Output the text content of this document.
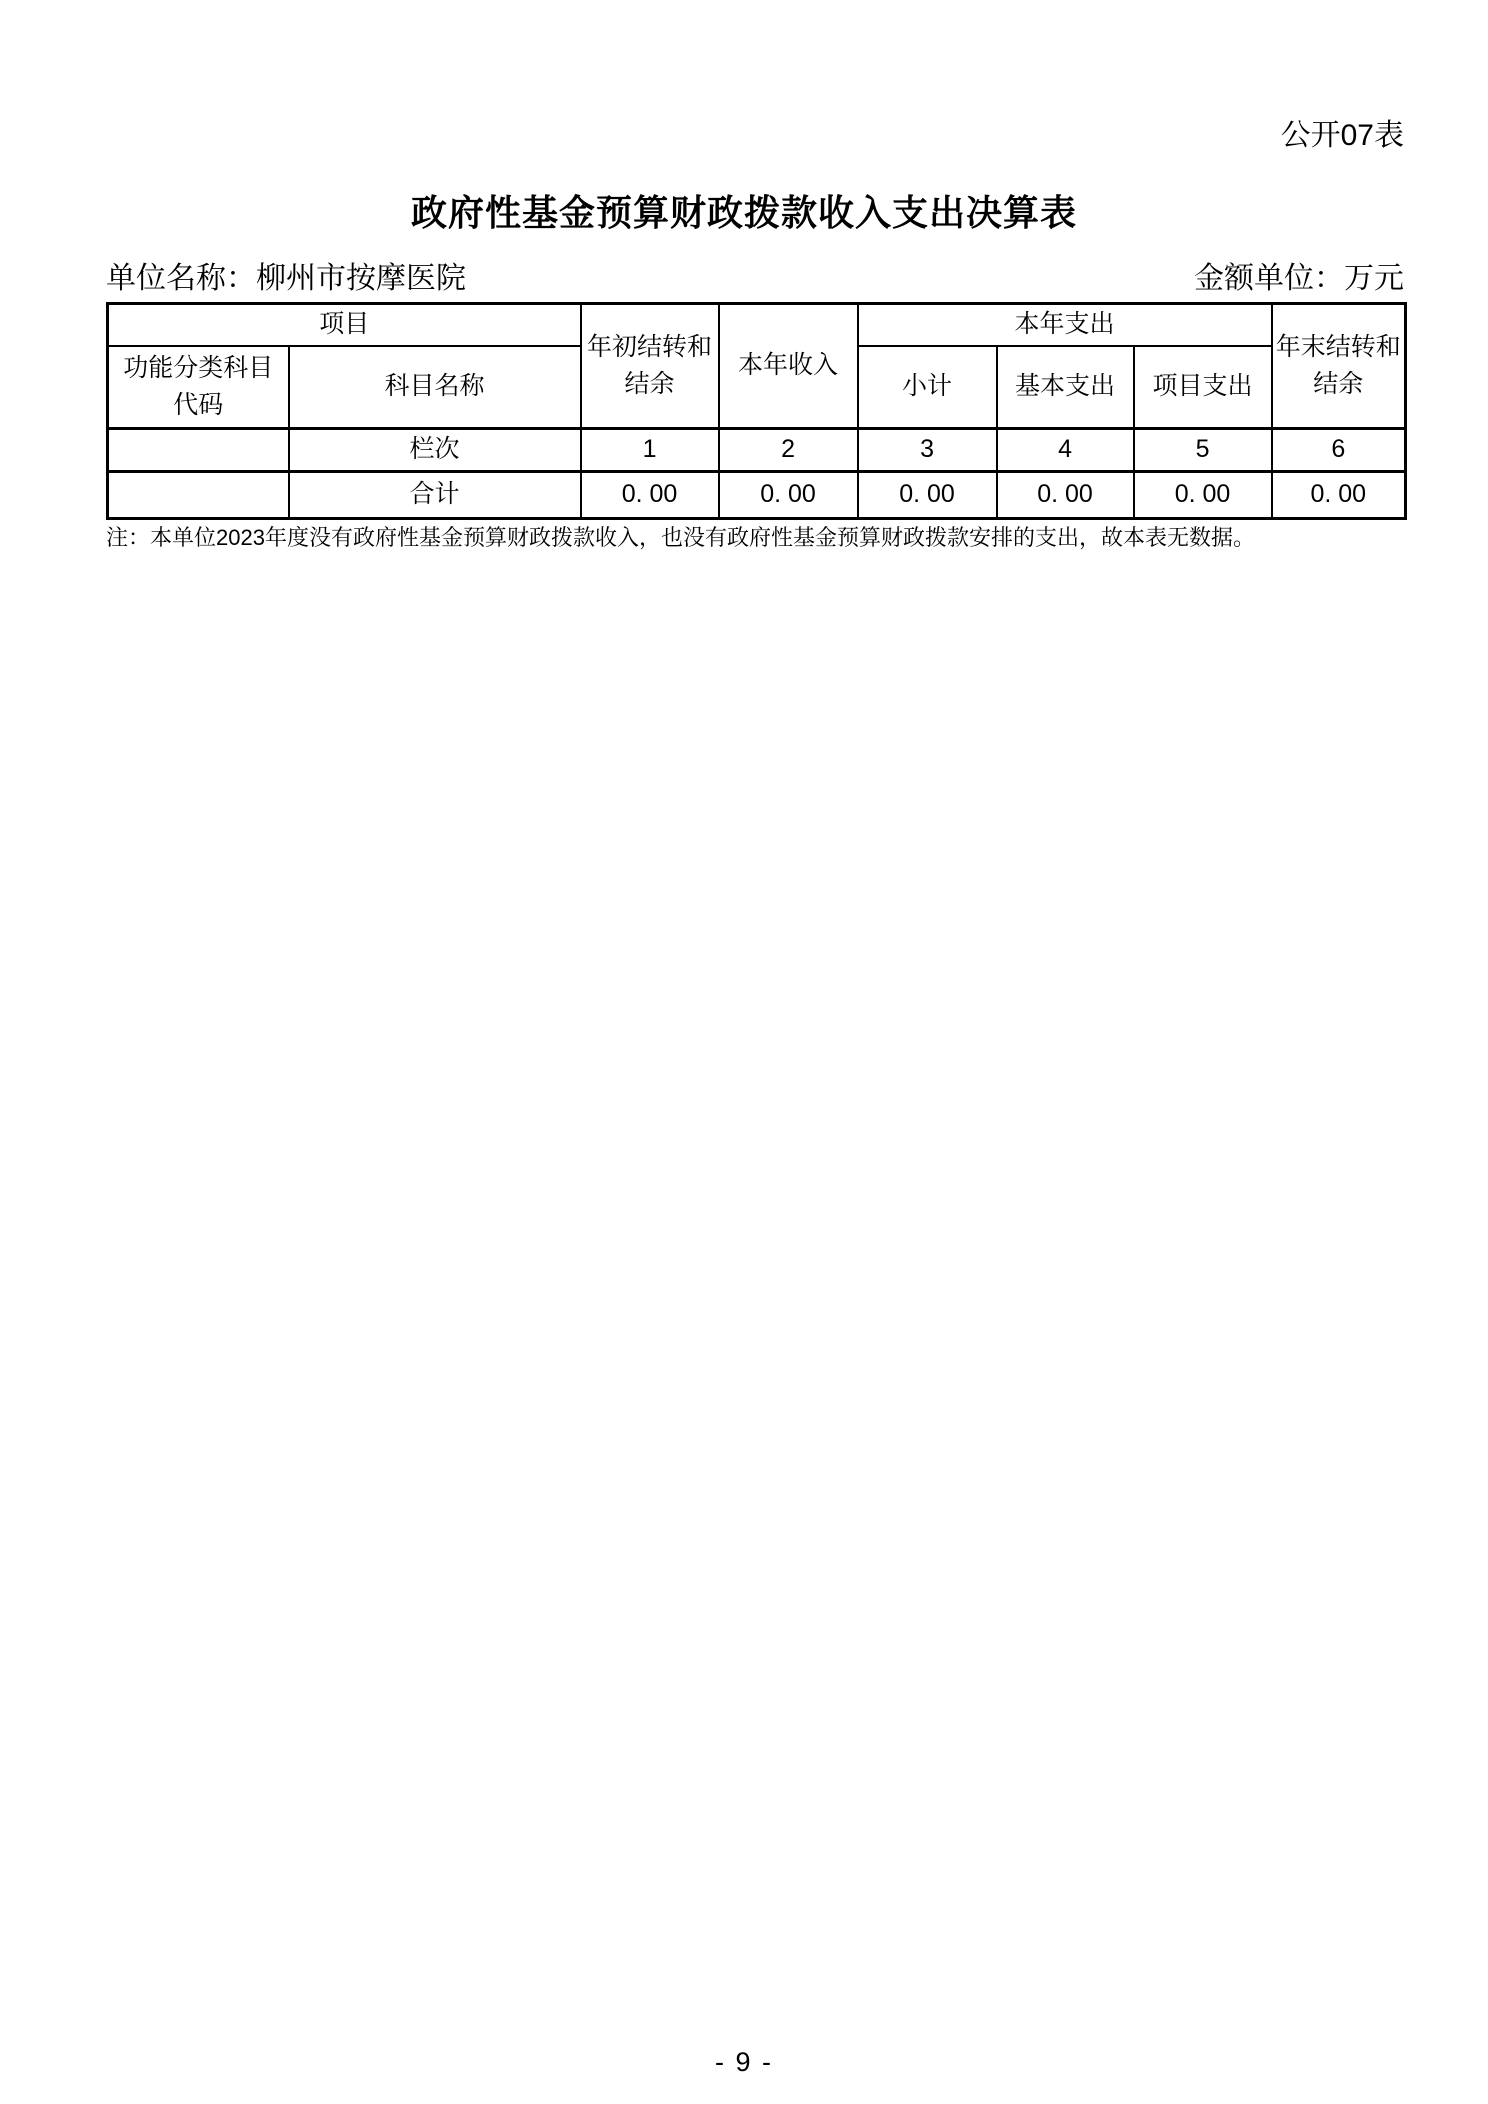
公开07表
政府性基金预算财政拨款收入支出决算表
单位名称：柳州市按摩医院	金额单位：万元
项目		年初结转和结余	本年收入	本年支出			年末结转和结余
功能分类科目代码	科目名称			小计	基本支出	项目支出	
	栏次	1	2	3	4	5	6
	合计	0. 00	0. 00	0. 00	0. 00	0. 00	0. 00
注：本单位2023年度没有政府性基金预算财政拨款收入，也没有政府性基金预算财政拨款安排的支出，故本表无数据。
- 9 -
